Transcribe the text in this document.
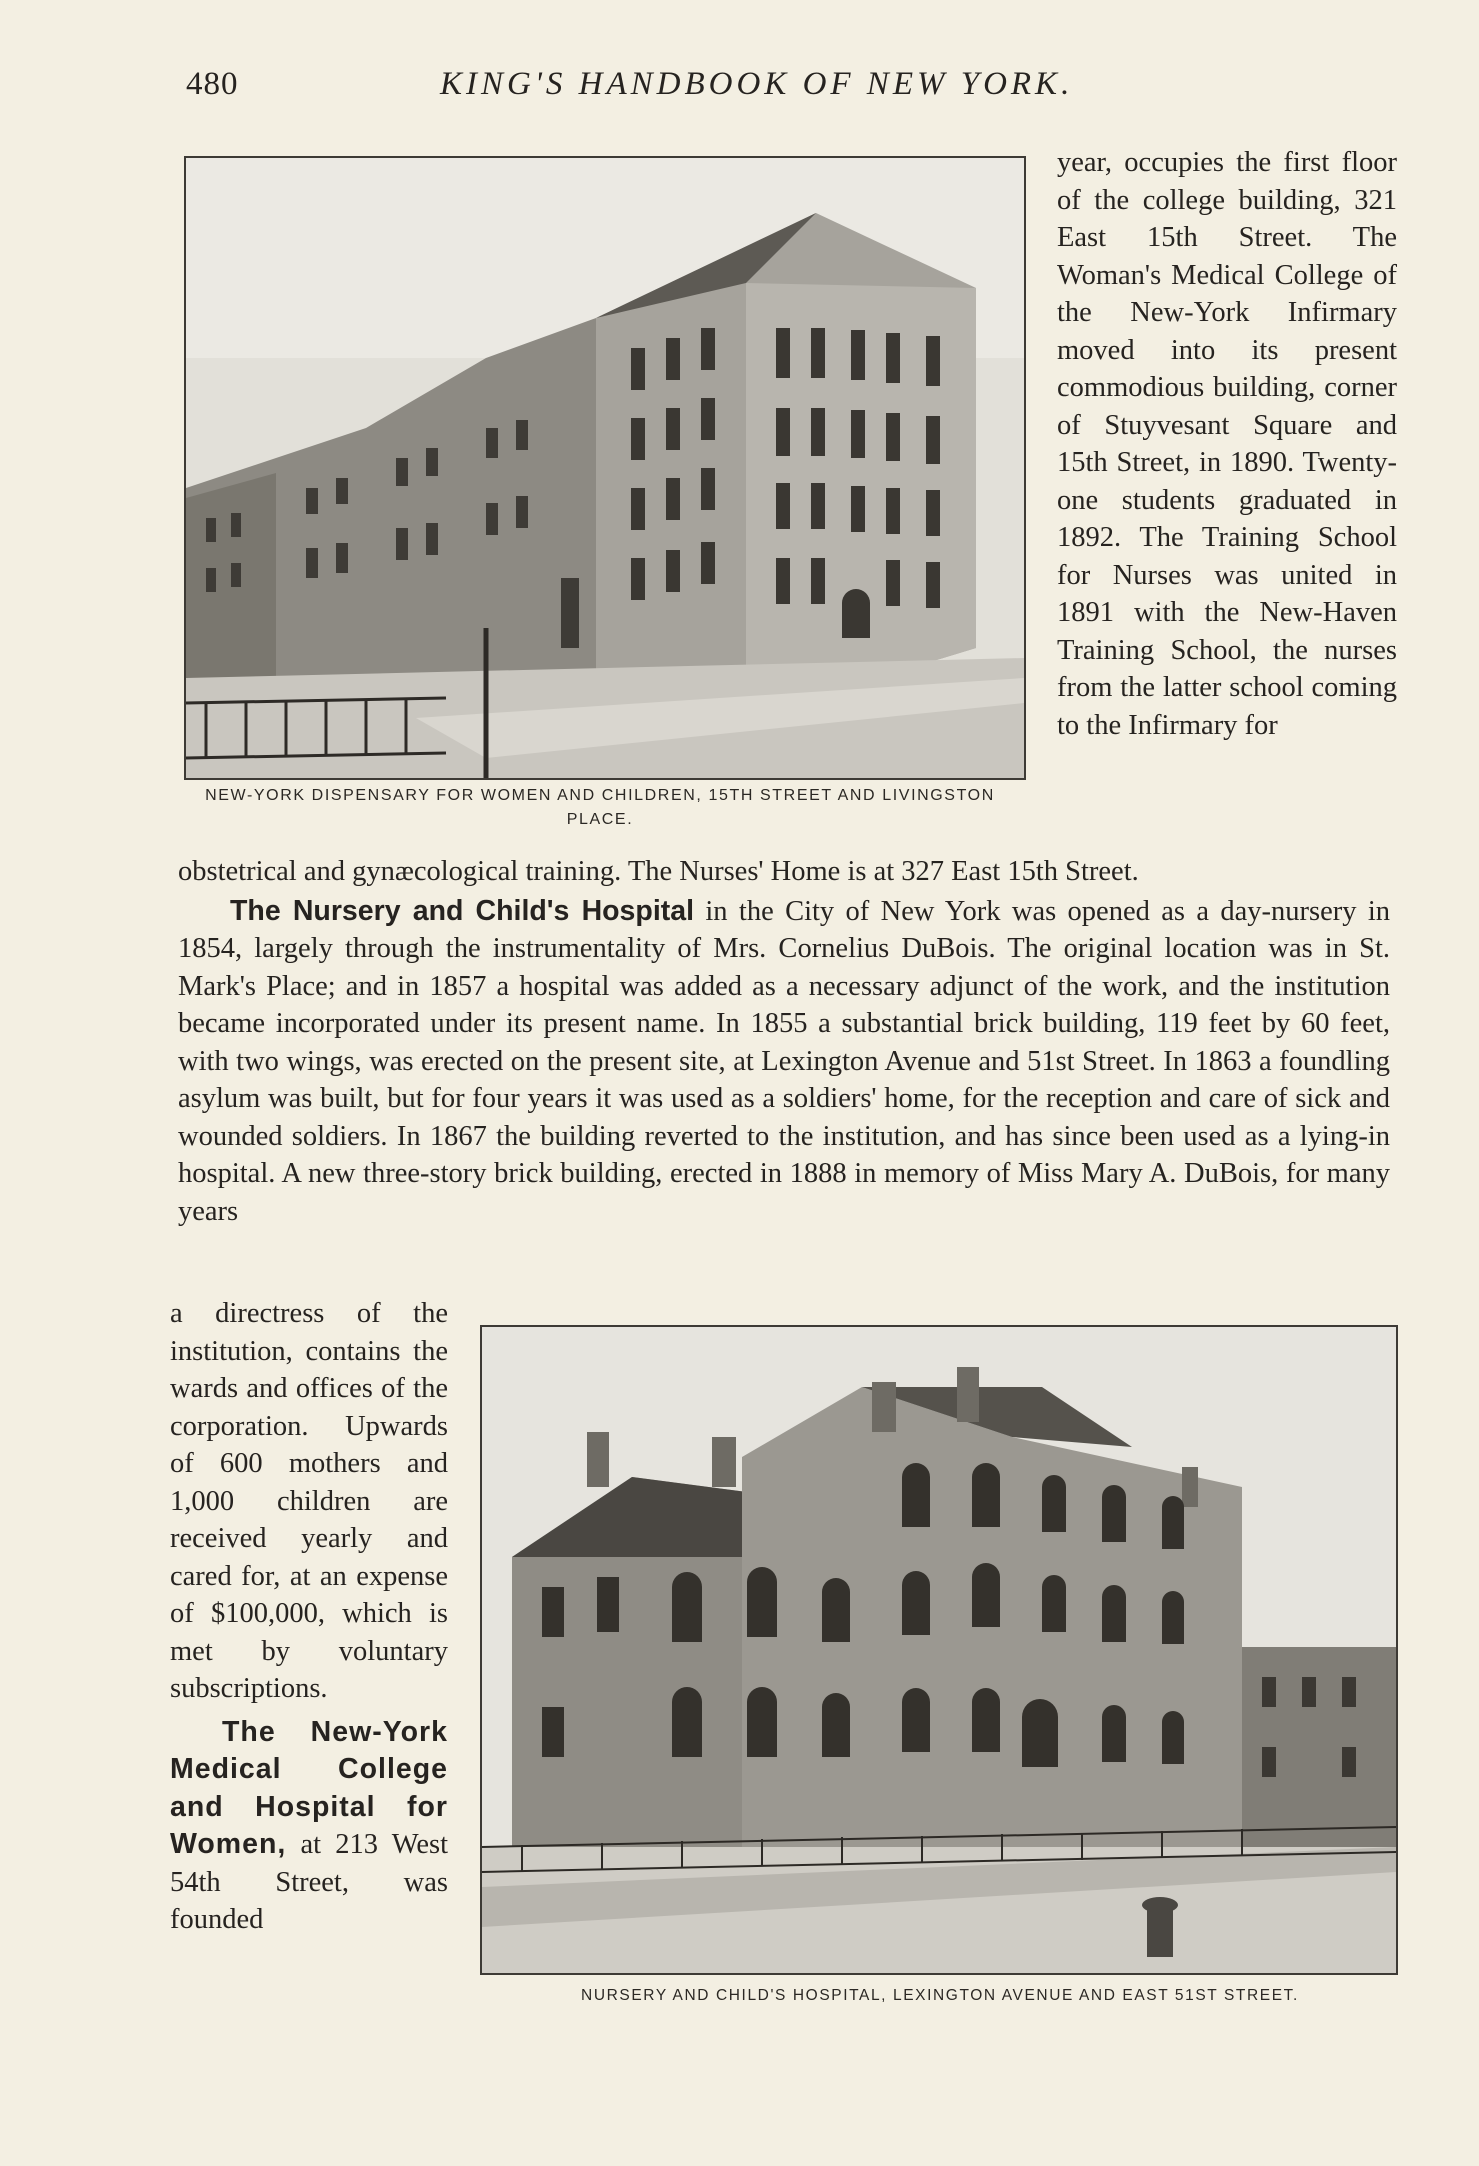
480	KING'S HANDBOOK OF NEW YORK.
NEW-YORK DISPENSARY FOR WOMEN AND CHILDREN, 15TH STREET AND LIVINGSTON PLACE.
year, occupies the first floor of the college building, 321 East 15th Street. The Woman's Medical College of the New-York Infirmary moved into its present commodious building, corner of Stuyvesant Square and 15th Street, in 1890. Twenty-one students graduated in 1892. The Training School for Nurses was united in 1891 with the New-Haven Training School, the nurses from the latter school coming to the Infirmary for

obstetrical and gynæcological training. The Nurses' Home is at 327 East 15th Street.

The Nursery and Child's Hospital in the City of New York was opened as a day-nursery in 1854, largely through the instrumentality of Mrs. Cornelius DuBois. The original location was in St. Mark's Place; and in 1857 a hospital was added as a necessary adjunct of the work, and the institution became incorporated under its present name. In 1855 a substantial brick building, 119 feet by 60 feet, with two wings, was erected on the present site, at Lexington Avenue and 51st Street. In 1863 a foundling asylum was built, but for four years it was used as a soldiers' home, for the reception and care of sick and wounded soldiers. In 1867 the building reverted to the institution, and has since been used as a lying-in hospital. A new three-story brick building, erected in 1888 in memory of Miss Mary A. DuBois, for many years

a directress of the institution, contains the wards and offices of the corporation. Upwards of 600 mothers and 1,000 children are received yearly and cared for, at an expense of $100,000, which is met by voluntary subscriptions.

The New-York Medical College and Hospital for Women, at 213 West 54th Street, was founded

NURSERY AND CHILD'S HOSPITAL, LEXINGTON AVENUE AND EAST 51ST STREET.
